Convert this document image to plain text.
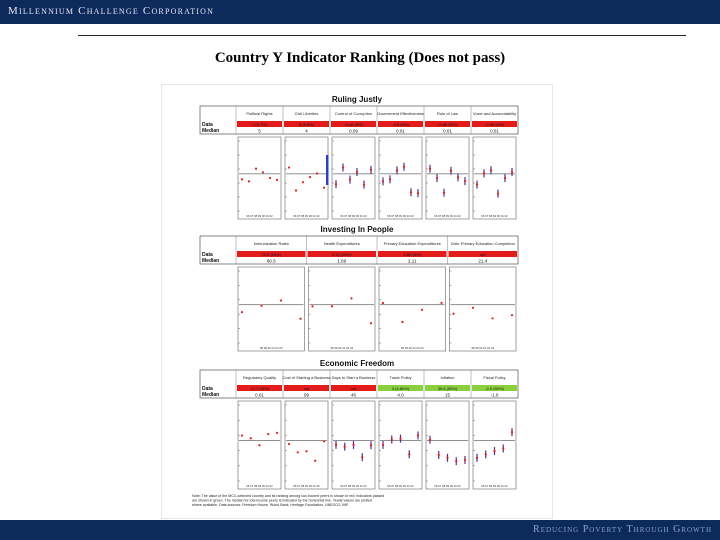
Millennium Challenge Corporation
Country Y Indicator Ranking (Does not pass)
Ruling Justly
Data
Median
Political Rights
7 (6,7%)
5
96 97 98 99 00 01 02
Civil Liberties
6 (5,8%)
4
96 97 98 99 00 01 02
Control of Corruption
-0.46 (8%)
0.09
96 97 98 99 00 01 02
Government Effectiveness
-0.5 (8%)
0.01
96 97 98 99 00 01 02
Rule of Law
-0.88 (5%)
0.01
96 97 98 99 00 01 02
Voice and Accountability
-0.56 (8%)
0.01
96 97 98 99 00 01 02
Investing In People
Data
Median
Immunization Rates
70.0 (15%)
80.5
98 99 00 01 02 03
Health Expenditures
0.70 (18%)
1.69
98 99 00 01 02 03
Primary Education Expenditures
0.54 (5%)
2.11
98 99 00 01 02 03
Girls' Primary Education Completion
n/a
21.4
98 99 00 01 02 03
Economic Freedom
Data
Median
Regulatory Quality
-0.71 (8%)
0.01
96 97 98 99 00 01 02
Cost of Starting a Business
n/a
99
96 97 98 99 00 01 02
Days to Start a Business
n/a
46
96 97 98 99 00 01 02
Trade Policy
3 (4.80%)
4.0
96 97 98 99 00 01 02
Inflation
35.6 (55%)
15
96 97 98 99 00 01 02
Fiscal Policy
-2.0 (50%)
-1.0
96 97 98 99 00 01 02
Note: The value of the MCC-selected country and its ranking among low-income peers is shown in red; indicators passed are shown in green. The median for low-income peers is indicated by the horizontal line. Yearly values are plotted where available. Data sources: Freedom House, World Bank, Heritage Foundation, UNESCO, IMF.
Reducing Poverty Through Growth
